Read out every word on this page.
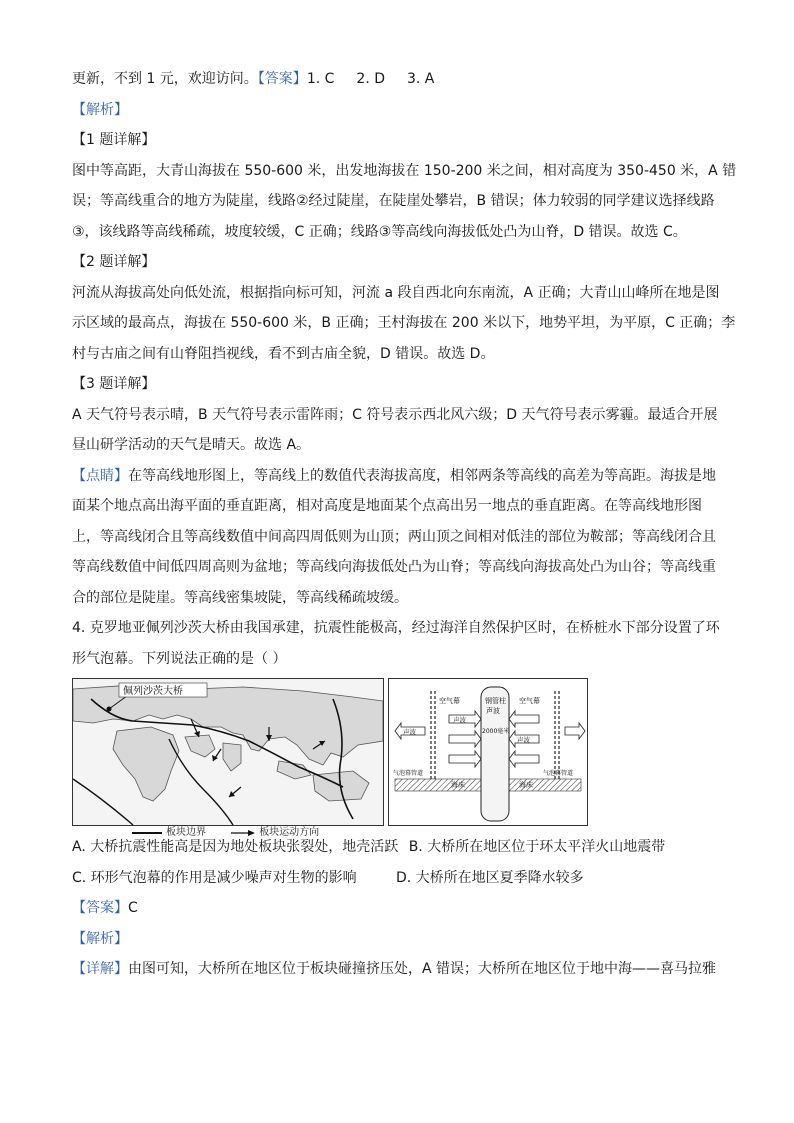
更新，不到 1 元，欢迎访问。【答案】1. C 2. D 3. A
【解析】
【1 题详解】
图中等高距，大青山海拔在 550-600 米，出发地海拔在 150-200 米之间，相对高度为 350-450 米，A 错
误；等高线重合的地方为陡崖，线路②经过陡崖，在陡崖处攀岩，B 错误；体力较弱的同学建议选择线路
③，该线路等高线稀疏，坡度较缓，C 正确；线路③等高线向海拔低处凸为山脊，D 错误。故选 C。
【2 题详解】
河流从海拔高处向低处流，根据指向标可知，河流 a 段自西北向东南流，A 正确；大青山山峰所在地是图
示区域的最高点，海拔在 550-600 米，B 正确；王村海拔在 200 米以下，地势平坦，为平原，C 正确；李
村与古庙之间有山脊阻挡视线，看不到古庙全貌，D 错误。故选 D。
【3 题详解】
A 天气符号表示晴，B 天气符号表示雷阵雨；C 符号表示西北风六级；D 天气符号表示雾霾。最适合开展
昼山研学活动的天气是晴天。故选 A。
【点睛】在等高线地形图上，等高线上的数值代表海拔高度，相邻两条等高线的高差为等高距。海拔是地
面某个地点高出海平面的垂直距离，相对高度是地面某个点高出另一地点的垂直距离。在等高线地形图
上，等高线闭合且等高线数值中间高四周低则为山顶；两山顶之间相对低洼的部位为鞍部；等高线闭合且
等高线数值中间低四周高则为盆地；等高线向海拔低处凸为山脊；等高线向海拔高处凸为山谷；等高线重
合的部位是陡崖。等高线密集坡陡，等高线稀疏坡缓。
4. 克罗地亚佩列沙茨大桥由我国承建，抗震性能极高，经过海洋自然保护区时，在桥桩水下部分设置了环
形气泡幕。下列说法正确的是（ ）
佩列沙茨大桥
钢管柱
声波
2000毫米
空气幕	空气幕
声波
声波
声波
气泡幕管道	气泡幕管道
海床	海床
板块边界
	板块运动方向
A. 大桥抗震性能高是因为地处板块张裂处，地壳活跃 B. 大桥所在地区位于环太平洋火山地震带
C. 环形气泡幕的作用是减少噪声对生物的影响	D. 大桥所在地区夏季降水较多
【答案】C
【解析】
【详解】由图可知，大桥所在地区位于板块碰撞挤压处，A 错误；大桥所在地区位于地中海——喜马拉雅
